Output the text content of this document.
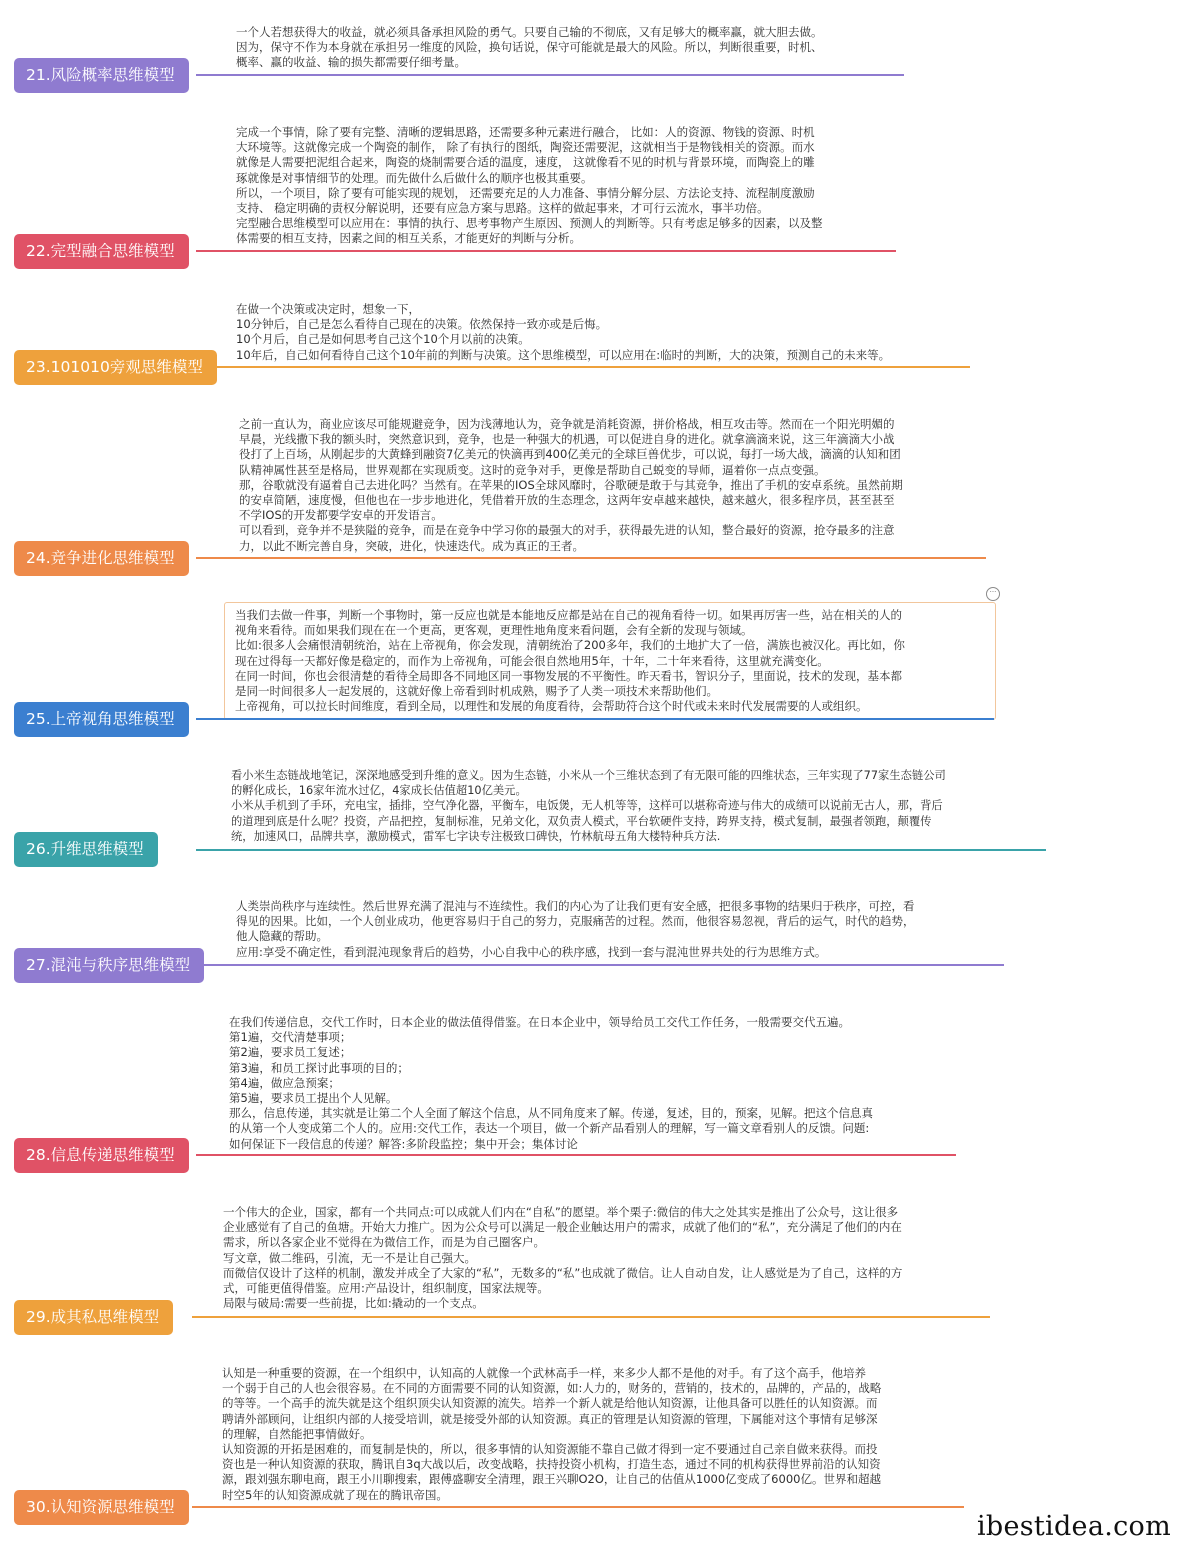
一个人若想获得大的收益，就必须具备承担风险的勇气。只要自己输的不彻底，又有足够大的概率赢，就大胆去做。
因为，保守不作为本身就在承担另一维度的风险，换句话说，保守可能就是最大的风险。所以，判断很重要，时机、
概率、赢的收益、输的损失都需要仔细考量。

21.风险概率思维模型

完成一个事情，除了要有完整、清晰的逻辑思路，还需要多种元素进行融合， 比如：人的资源、物钱的资源、时机
大环境等。这就像完成一个陶瓷的制作， 除了有执行的图纸，陶瓷还需要泥，这就相当于是物钱相关的资源。而水
就像是人需要把泥组合起来，陶瓷的烧制需要合适的温度，速度， 这就像看不见的时机与背景环境，而陶瓷上的雕
琢就像是对事情细节的处理。而先做什么后做什么的顺序也极其重要。
所以，一个项目，除了要有可能实现的规划， 还需要充足的人力准备、事情分解分层、方法论支持、流程制度激励
支持、 稳定明确的责权分解说明，还要有应急方案与思路。这样的做起事来，才可行云流水，事半功倍。
完型融合思维模型可以应用在：事情的执行、思考事物产生原因、预测人的判断等。只有考虑足够多的因素，以及整
体需要的相互支持，因素之间的相互关系，才能更好的判断与分析。

22.完型融合思维模型

在做一个决策或决定时，想象一下，
10分钟后，自己是怎么看待自己现在的决策。依然保持一致亦或是后悔。
10个月后，自己是如何思考自己这个10个月以前的决策。
10年后，自己如何看待自己这个10年前的判断与决策。这个思维模型，可以应用在:临时的判断，大的决策，预测自己的未来等。

23.101010旁观思维模型

之前一直认为，商业应该尽可能规避竞争，因为浅薄地认为，竞争就是消耗资源，拼价格战，相互攻击等。然而在一个阳光明媚的
早晨，光线撒下我的额头时，突然意识到，竞争，也是一种强大的机遇，可以促进自身的进化。就拿滴滴来说，这三年滴滴大小战
役打了上百场，从刚起步的大黄蜂到融资7亿美元的快滴再到400亿美元的全球巨兽优步，可以说，每打一场大战，滴滴的认知和团
队精神属性甚至是格局，世界观都在实现质变。这时的竞争对手，更像是帮助自己蜕变的导师，逼着你一点点变强。
那，谷歌就没有逼着自己去进化吗？当然有。在苹果的IOS全球风靡时，谷歌硬是敢于与其竞争，推出了手机的安卓系统。虽然前期
的安卓简陋，速度慢，但他也在一步步地进化，凭借着开放的生态理念，这两年安卓越来越快，越来越火，很多程序员，甚至甚至
不学IOS的开发都要学安卓的开发语言。
可以看到，竞争并不是狭隘的竞争，而是在竞争中学习你的最强大的对手，获得最先进的认知，整合最好的资源，抢夺最多的注意
力，以此不断完善自身，突破，进化，快速迭代。成为真正的王者。

24.竞争进化思维模型
···

当我们去做一件事，判断一个事物时，第一反应也就是本能地反应都是站在自己的视角看待一切。如果再厉害一些，站在相关的人的
视角来看待。而如果我们现在在一个更高，更客观，更理性地角度来看问题，会有全新的发现与领域。
比如:很多人会痛恨清朝统治，站在上帝视角，你会发现，清朝统治了200多年，我们的土地扩大了一倍，满族也被汉化。再比如，你
现在过得每一天都好像是稳定的，而作为上帝视角，可能会很自然地用5年，十年，二十年来看待，这里就充满变化。
在同一时间，你也会很清楚的看待全局即各不同地区同一事物发展的不平衡性。昨天看书，智识分子，里面说，技术的发现，基本都
是同一时间很多人一起发展的，这就好像上帝看到时机成熟，赐予了人类一项技术来帮助他们。
上帝视角，可以拉长时间维度，看到全局，以理性和发展的角度看待，会帮助符合这个时代或未来时代发展需要的人或组织。

25.上帝视角思维模型

看小米生态链战地笔记，深深地感受到升维的意义。因为生态链，小米从一个三维状态到了有无限可能的四维状态，三年实现了77家生态链公司
的孵化成长，16家年流水过亿，4家成长估值超10亿美元。
小米从手机到了手环，充电宝，插排，空气净化器，平衡车，电饭煲，无人机等等，这样可以堪称奇迹与伟大的成绩可以说前无古人，那，背后
的道理到底是什么呢？投资，产品把控，复制标准，兄弟文化，双负责人模式，平台软硬件支持，跨界支持，模式复制，最强者领跑，颠覆传
统，加速风口，品牌共享，激励模式，雷军七字诀专注极致口碑快，竹林航母五角大楼特种兵方法.

26.升维思维模型

人类崇尚秩序与连续性。然后世界充满了混沌与不连续性。我们的内心为了让我们更有安全感，把很多事物的结果归于秩序，可控，看
得见的因果。比如，一个人创业成功，他更容易归于自己的努力，克服痛苦的过程。然而，他很容易忽视，背后的运气，时代的趋势，
他人隐藏的帮助。
应用:享受不确定性，看到混沌现象背后的趋势，小心自我中心的秩序感，找到一套与混沌世界共处的行为思维方式。

27.混沌与秩序思维模型

在我们传递信息，交代工作时，日本企业的做法值得借鉴。在日本企业中，领导给员工交代工作任务，一般需要交代五遍。
第1遍，交代清楚事项；
第2遍，要求员工复述；
第3遍，和员工探讨此事项的目的；
第4遍，做应急预案；
第5遍，要求员工提出个人见解。
那么，信息传递，其实就是让第二个人全面了解这个信息，从不同角度来了解。传递，复述，目的，预案，见解。把这个信息真
的从第一个人变成第二个人的。应用:交代工作，表达一个项目，做一个新产品看别人的理解，写一篇文章看别人的反馈。问题:
如何保证下一段信息的传递？解答:多阶段监控；集中开会；集体讨论

28.信息传递思维模型

一个伟大的企业，国家，都有一个共同点:可以成就人们内在“自私”的愿望。举个栗子:微信的伟大之处其实是推出了公众号，这让很多
企业感觉有了自己的鱼塘。开始大力推广。因为公众号可以满足一般企业触达用户的需求，成就了他们的“私”，充分满足了他们的内在
需求，所以各家企业不觉得在为微信工作，而是为自己圈客户。
写文章，做二维码，引流，无一不是让自己强大。
而微信仅设计了这样的机制，激发并成全了大家的“私”，无数多的“私”也成就了微信。让人自动自发，让人感觉是为了自己，这样的方
式，可能更值得借鉴。应用:产品设计，组织制度，国家法规等。
局限与破局:需要一些前提，比如:撬动的一个支点。

29.成其私思维模型

认知是一种重要的资源，在一个组织中，认知高的人就像一个武林高手一样，来多少人都不是他的对手。有了这个高手，他培养
一个弱于自己的人也会很容易。在不同的方面需要不同的认知资源，如:人力的，财务的，营销的，技术的，品牌的，产品的，战略
的等等。一个高手的流失就是这个组织顶尖认知资源的流失。培养一个新人就是给他认知资源，让他具备可以胜任的认知资源。而
聘请外部顾问，让组织内部的人接受培训，就是接受外部的认知资源。真正的管理是认知资源的管理，下属能对这个事情有足够深
的理解，自然能把事情做好。
认知资源的开拓是困难的，而复制是快的，所以，很多事情的认知资源能不靠自己做才得到一定不要通过自己亲自做来获得。而投
资也是一种认知资源的获取，腾讯自3q大战以后，改变战略，扶持投资小机构，打造生态，通过不同的机构获得世界前沿的认知资
源，跟刘强东聊电商，跟王小川聊搜索，跟傅盛聊安全清理，跟王兴聊O2O，让自己的估值从1000亿变成了6000亿。世界和超越
时空5年的认知资源成就了现在的腾讯帝国。

30.认知资源思维模型
ibestidea.com
